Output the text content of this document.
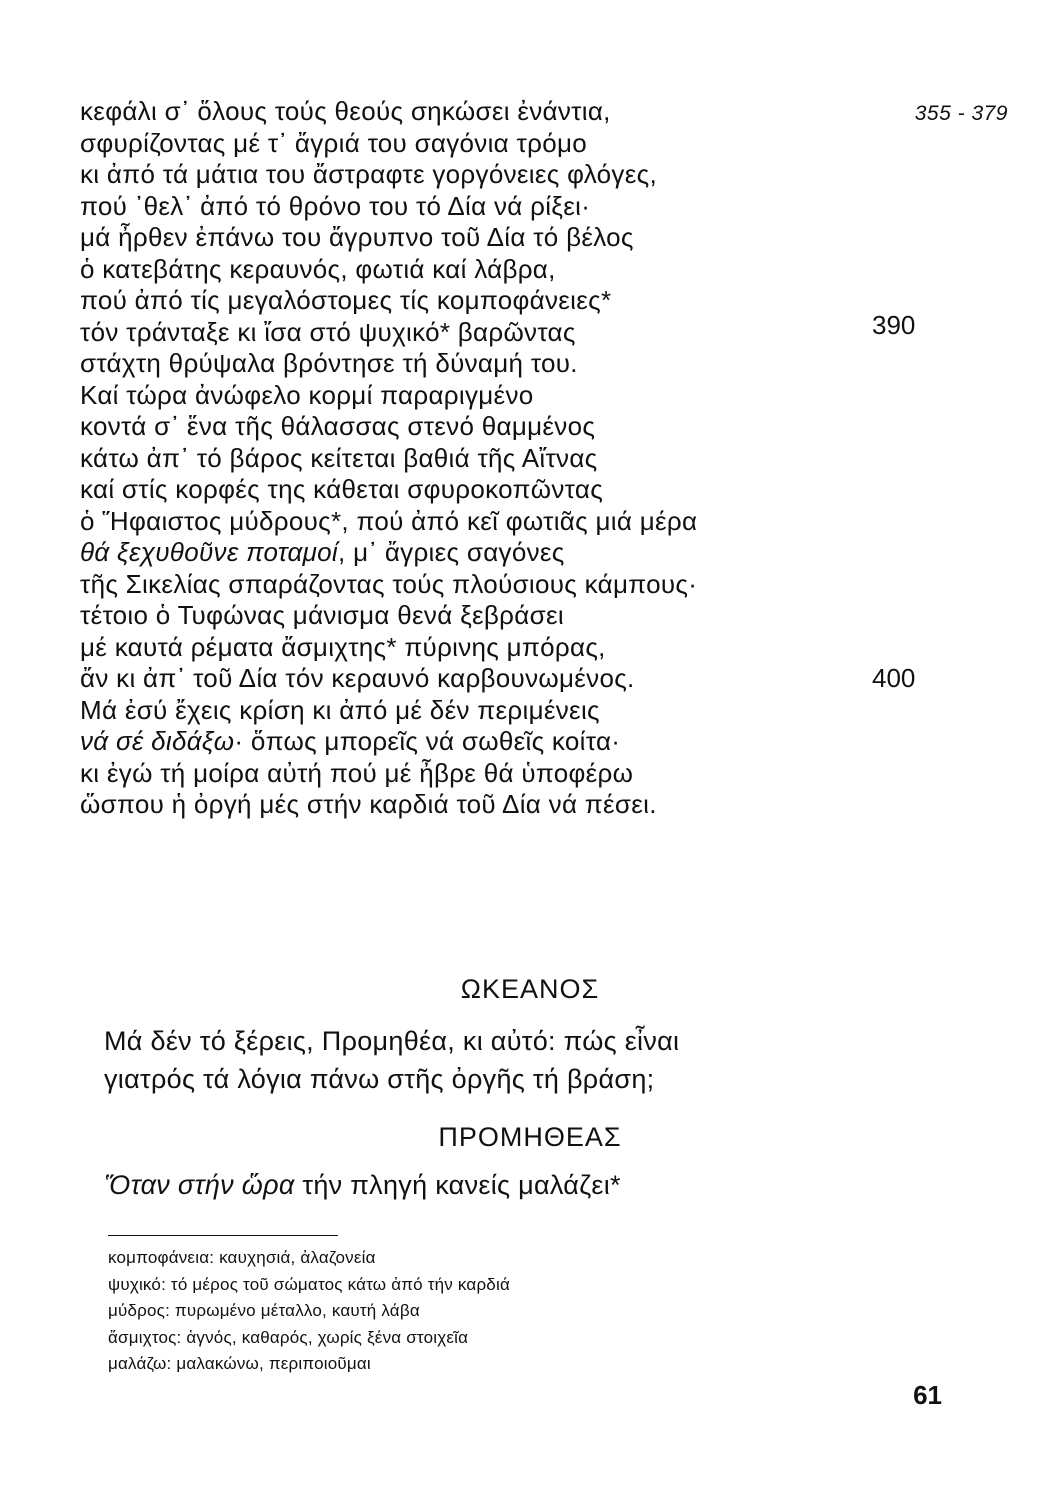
355 - 379
κεφάλι σ᾽ ὅλους τούς θεούς σηκώσει ἐνάντια,
σφυρίζοντας μέ τ᾽ ἄγριά του σαγόνια τρόμο
κι ἀπό τά μάτια του ἄστραφτε γοργόνειες φλόγες,
πού ᾽θελ᾽ ἀπό τό θρόνο του τό Δία νά ρίξει·
μά ἦρθεν ἐπάνω του ἄγρυπνο τοῦ Δία τό βέλος
ὁ κατεβάτης κεραυνός, φωτιά καί λάβρα,
πού ἀπό τίς μεγαλόστομες τίς κομποφάνειες*
τόν τράνταξε κι ἴσα στό ψυχικό* βαρῶντας
στάχτη θρύψαλα βρόντησε τή δύναμή του.
Καί τώρα ἀνώφελο κορμί παραριγμένο
κοντά σ᾽ ἕνα τῆς θάλασσας στενό θαμμένος
κάτω ἀπ᾽ τό βάρος κείτεται βαθιά τῆς Αἴτνας
καί στίς κορφές της κάθεται σφυροκοπῶντας
ὁ Ἥφαιστος μύδρους*, πού ἀπό κεῖ φωτιᾶς μιά μέρα
θά ξεχυθοῦνε ποταμοί, μ᾽ ἄγριες σαγόνες
τῆς Σικελίας σπαράζοντας τούς πλούσιους κάμπους·
τέτοιο ὁ Τυφώνας μάνισμα θενά ξεβράσει
μέ καυτά ρέματα ἄσμιχτης* πύρινης μπόρας,
ἄν κι ἀπ᾽ τοῦ Δία τόν κεραυνό καρβουνωμένος.
Μά ἐσύ ἔχεις κρίση κι ἀπό μέ δέν περιμένεις
νά σέ διδάξω· ὅπως μπορεῖς νά σωθεῖς κοίτα·
κι ἐγώ τή μοίρα αὐτή πού μέ ἦβρε θά ὑποφέρω
ὥσπου ἡ ὀργή μές στήν καρδιά τοῦ Δία νά πέσει.
390
400
ΩΚΕΑΝΟΣ
Μά δέν τό ξέρεις, Προμηθέα, κι αὐτό: πώς εἶναι
γιατρός τά λόγια πάνω στῆς ὀργῆς τή βράση;
ΠΡΟΜΗΘΕΑΣ
Ὅταν στήν ὥρα τήν πληγή κανείς μαλάζει*
κομποφάνεια: καυχησιά, ἀλαζονεία
ψυχικό: τό μέρος τοῦ σώματος κάτω ἀπό τήν καρδιά
μύδρος: πυρωμένο μέταλλο, καυτή λάβα
ἄσμιχτος: ἁγνός, καθαρός, χωρίς ξένα στοιχεῖα
μαλάζω: μαλακώνω, περιποιοῦμαι
61
